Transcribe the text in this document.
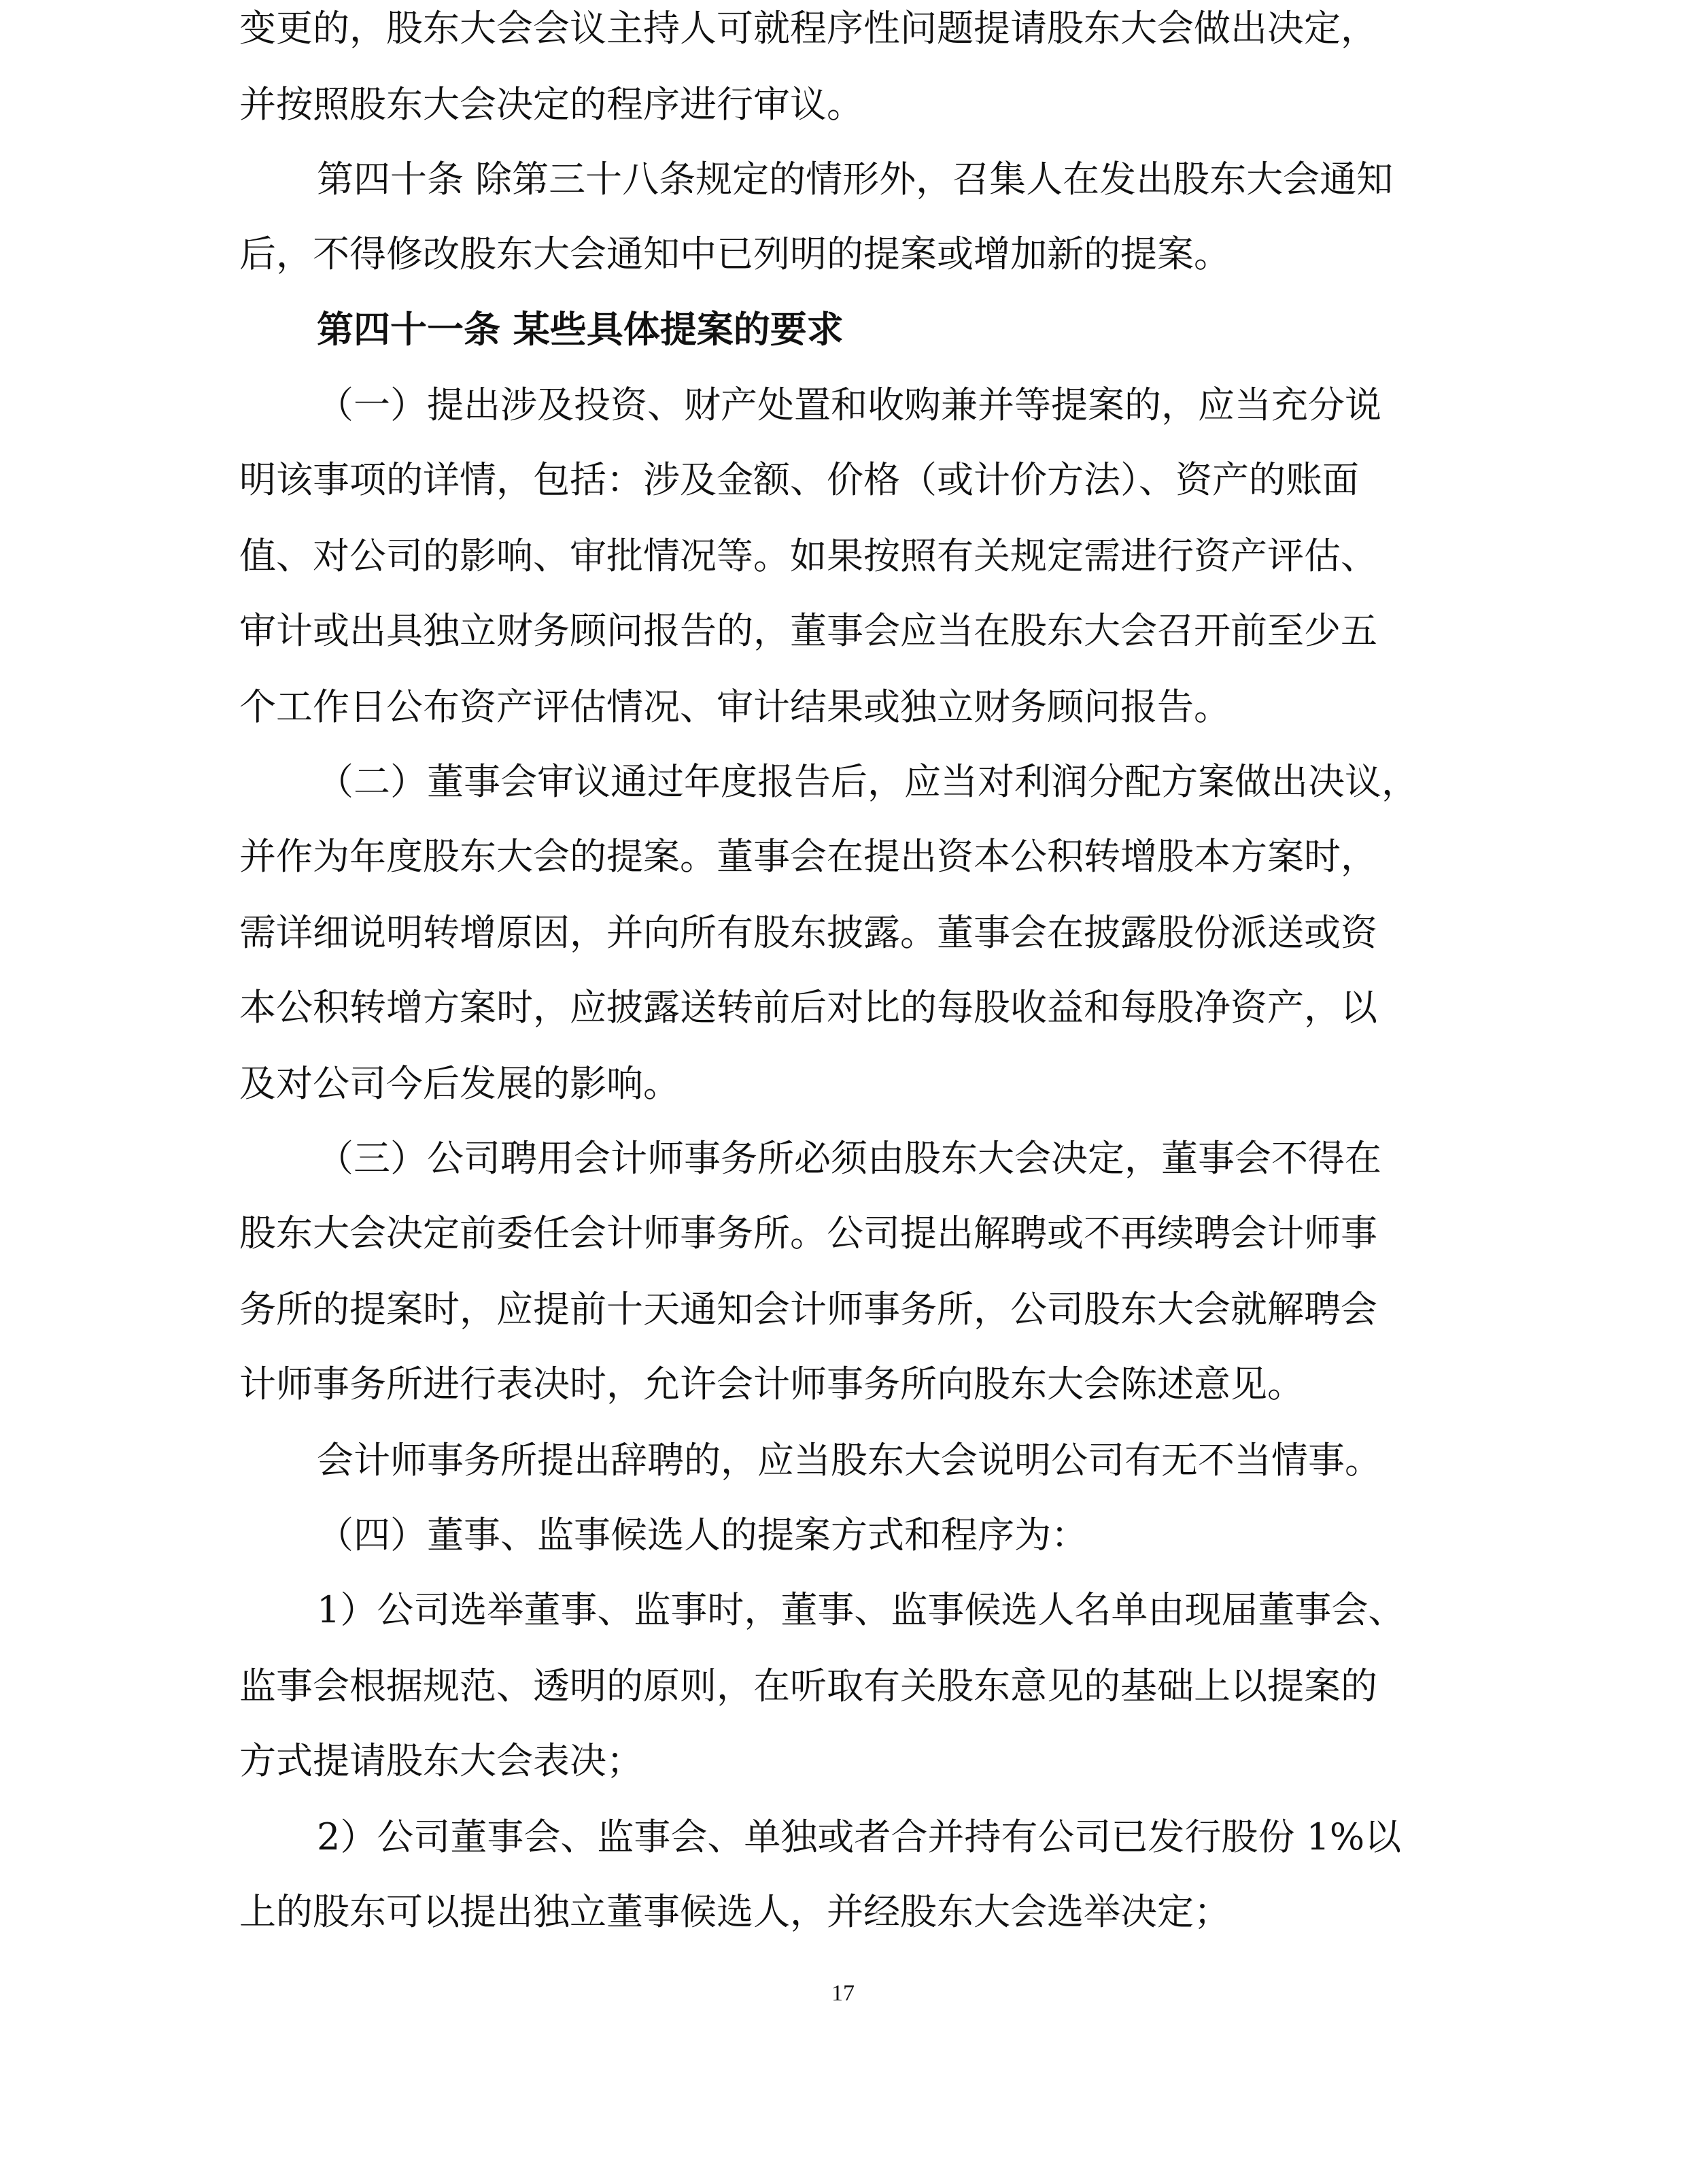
变更的，股东大会会议主持人可就程序性问题提请股东大会做出决定，
并按照股东大会决定的程序进行审议。
第四十条 除第三十八条规定的情形外，召集人在发出股东大会通知
后，不得修改股东大会通知中已列明的提案或增加新的提案。
第四十一条 某些具体提案的要求
（一）提出涉及投资、财产处置和收购兼并等提案的，应当充分说
明该事项的详情，包括：涉及金额、价格（或计价方法）、资产的账面
值、对公司的影响、审批情况等。如果按照有关规定需进行资产评估、
审计或出具独立财务顾问报告的，董事会应当在股东大会召开前至少五
个工作日公布资产评估情况、审计结果或独立财务顾问报告。
（二）董事会审议通过年度报告后，应当对利润分配方案做出决议，
并作为年度股东大会的提案。董事会在提出资本公积转增股本方案时，
需详细说明转增原因，并向所有股东披露。董事会在披露股份派送或资
本公积转增方案时，应披露送转前后对比的每股收益和每股净资产，以
及对公司今后发展的影响。
（三）公司聘用会计师事务所必须由股东大会决定，董事会不得在
股东大会决定前委任会计师事务所。公司提出解聘或不再续聘会计师事
务所的提案时，应提前十天通知会计师事务所，公司股东大会就解聘会
计师事务所进行表决时，允许会计师事务所向股东大会陈述意见。
会计师事务所提出辞聘的，应当股东大会说明公司有无不当情事。
（四）董事、监事候选人的提案方式和程序为：
1）公司选举董事、监事时，董事、监事候选人名单由现届董事会、
监事会根据规范、透明的原则，在听取有关股东意见的基础上以提案的
方式提请股东大会表决；
2）公司董事会、监事会、单独或者合并持有公司已发行股份 1%以
上的股东可以提出独立董事候选人，并经股东大会选举决定；
17
